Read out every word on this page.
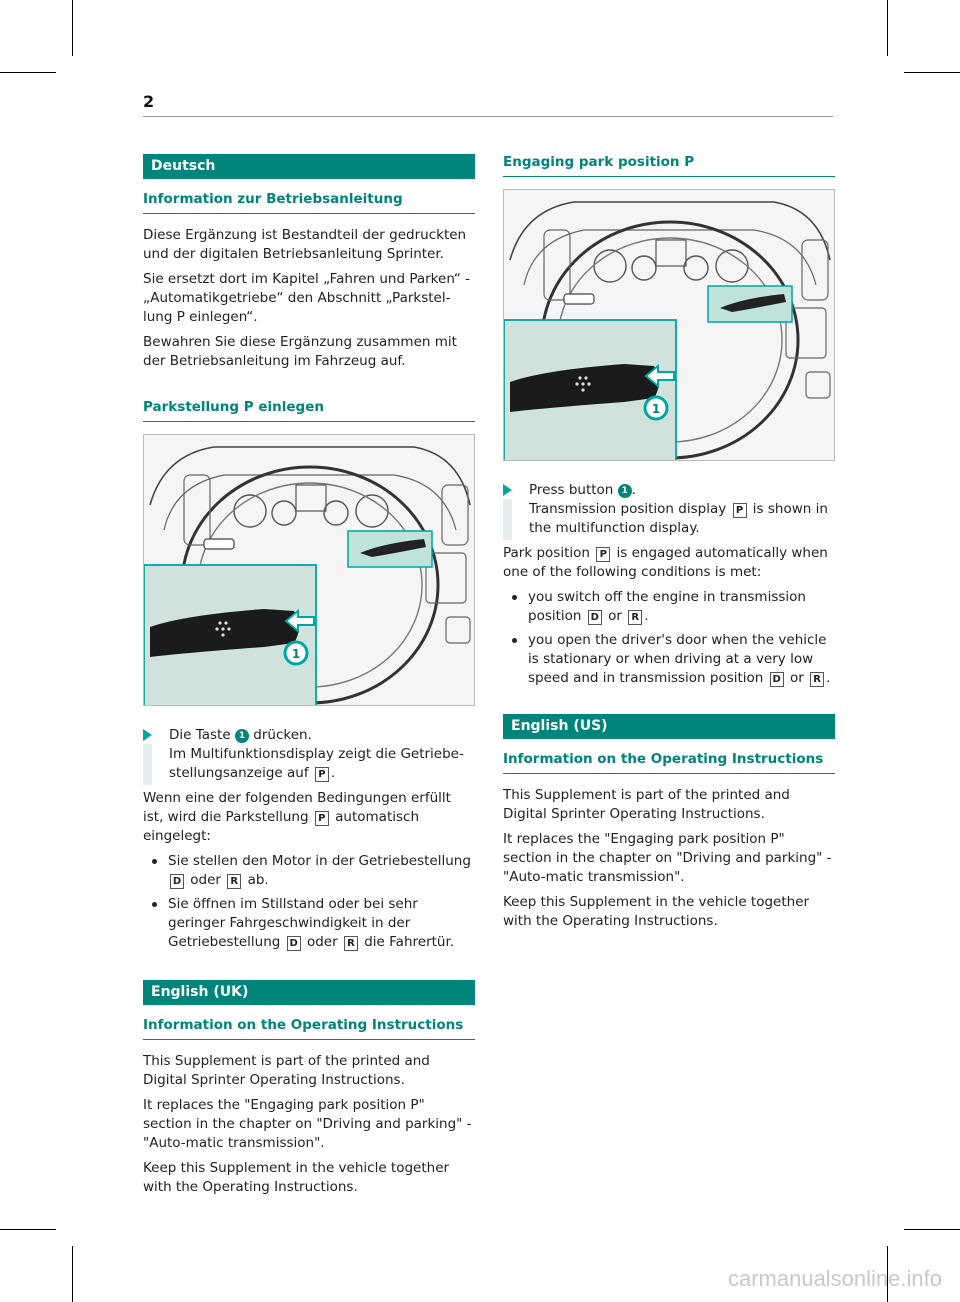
2
Deutsch
Information zur Betriebsanleitung

Diese Ergänzung ist Bestandteil der gedruckten und der digitalen Betriebsanleitung Sprinter.

Sie ersetzt dort im Kapitel „Fahren und Parken“ - „Automatikgetriebe“ den Abschnitt „Parkstel-lung P einlegen“.

Bewahren Sie diese Ergänzung zusammen mit der Betriebsanleitung im Fahrzeug auf.

Parkstellung P einlegen
1
Die Taste 1 drücken.
Im Multifunktionsdisplay zeigt die Getriebe-stellungsanzeige auf P .

Wenn eine der folgenden Bedingungen erfüllt ist, wird die Parkstellung P automatisch eingelegt:

Sie stellen den Motor in der Getriebestellung D oder R ab.
Sie öffnen im Stillstand oder bei sehr geringer Fahrgeschwindigkeit in der Getriebestellung D oder R die Fahrertür.
English (UK)
Information on the Operating Instructions

This Supplement is part of the printed and Digital Sprinter Operating Instructions.

It replaces the "Engaging park position P" section in the chapter on "Driving and parking" - "Auto-matic transmission".

Keep this Supplement in the vehicle together with the Operating Instructions.

Engaging park position P
1
Press button 1 .
Transmission position display P is shown in the multifunction display.

Park position P is engaged automatically when one of the following conditions is met:

you switch off the engine in transmission position D or R .
you open the driver's door when the vehicle is stationary or when driving at a very low speed and in transmission position D or R .
English (US)
Information on the Operating Instructions

This Supplement is part of the printed and Digital Sprinter Operating Instructions.

It replaces the "Engaging park position P" section in the chapter on "Driving and parking" - "Auto-matic transmission".

Keep this Supplement in the vehicle together with the Operating Instructions.

carmanualsonline.info
